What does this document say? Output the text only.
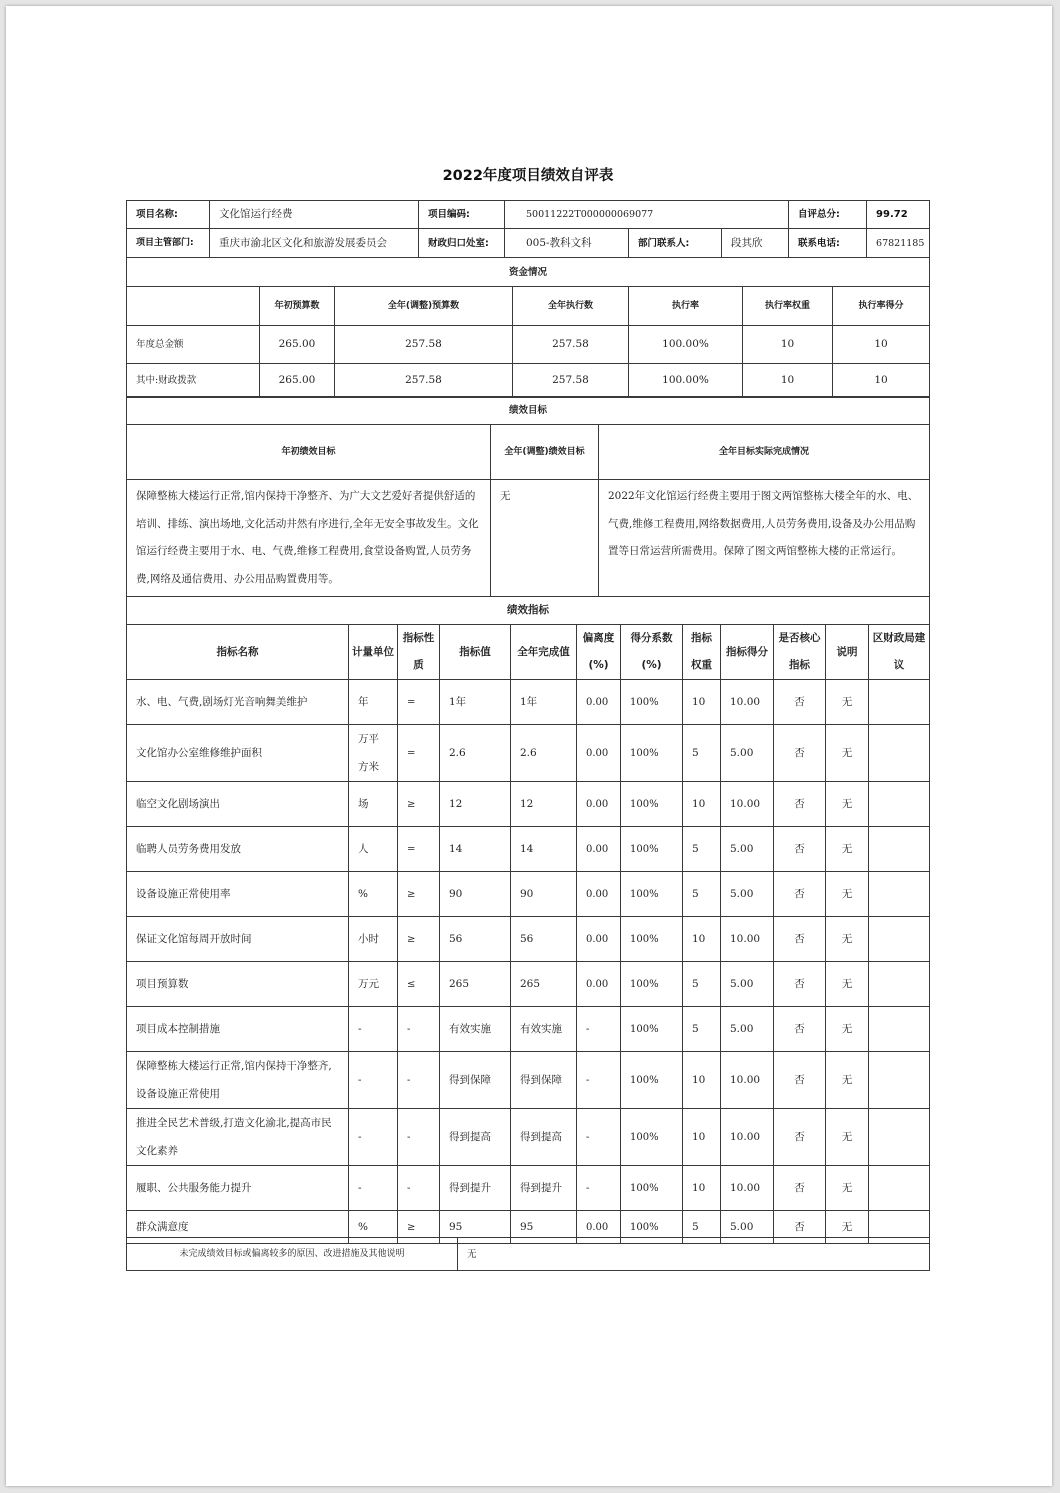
2022年度项目绩效自评表
项目名称:	文化馆运行经费	项目编码:	50011222T000000069077			自评总分:	99.72
项目主管部门:	重庆市渝北区文化和旅游发展委员会	财政归口处室:	005-教科文科	部门联系人:	段其欣	联系电话:	67821185
资金情况						
	年初预算数	全年(调整)预算数	全年执行数	执行率	执行率权重	执行率得分
年度总金额	265.00	257.58	257.58	100.00%	10	10
其中:财政拨款	265.00	257.58	257.58	100.00%	10	10
绩效目标		
年初绩效目标	全年(调整)绩效目标	全年目标实际完成情况
保障整栋大楼运行正常,馆内保持干净整齐、为广大文艺爱好者提供舒适的培训、排练、演出场地,文化活动井然有序进行,全年无安全事故发生。文化馆运行经费主要用于水、电、气费,维修工程费用,食堂设备购置,人员劳务费,网络及通信费用、办公用品购置费用等。	无	2022年文化馆运行经费主要用于图文两馆整栋大楼全年的水、电、气费,维修工程费用,网络数据费用,人员劳务费用,设备及办公用品购置等日常运营所需费用。保障了图文两馆整栋大楼的正常运行。
绩效指标											
指标名称	计量单位	指标性质	指标值	全年完成值	偏离度(%)	得分系数(%)	指标权重	指标得分	是否核心指标	说明	区财政局建议
水、电、气费,剧场灯光音响舞美维护	年	=	1年	1年	0.00	100%	10	10.00	否	无	
文化馆办公室维修维护面积	万平方米	=	2.6	2.6	0.00	100%	5	5.00	否	无	
临空文化剧场演出	场	≥	12	12	0.00	100%	10	10.00	否	无	
临聘人员劳务费用发放	人	=	14	14	0.00	100%	5	5.00	否	无	
设备设施正常使用率	%	≥	90	90	0.00	100%	5	5.00	否	无	
保证文化馆每周开放时间	小时	≥	56	56	0.00	100%	10	10.00	否	无	
项目预算数	万元	≤	265	265	0.00	100%	5	5.00	否	无	
项目成本控制措施	-	-	有效实施	有效实施	-	100%	5	5.00	否	无	
保障整栋大楼运行正常,馆内保持干净整齐,设备设施正常使用	-	-	得到保障	得到保障	-	100%	10	10.00	否	无	
推进全民艺术普级,打造文化渝北,提高市民文化素养	-	-	得到提高	得到提高	-	100%	10	10.00	否	无	
履职、公共服务能力提升	-	-	得到提升	得到提升	-	100%	10	10.00	否	无	
群众满意度	%	≥	95	95	0.00	100%	5	5.00	否	无	
未完成绩效目标或偏离较多的原因、改进措施及其他说明	无
